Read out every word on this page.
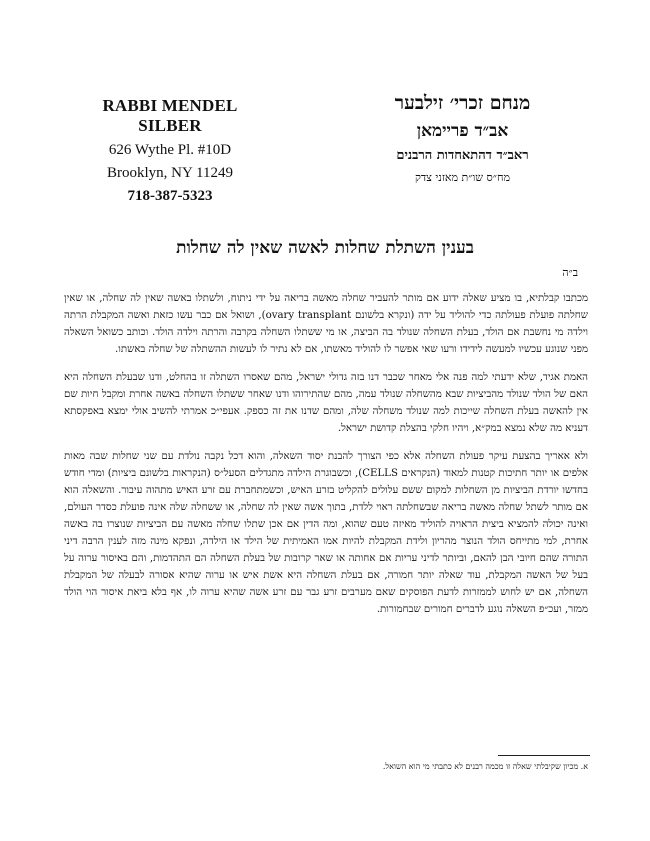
RABBI MENDEL SILBER
626 Wythe Pl. #10D
Brooklyn, NY 11249
718-387-5323
מנחם זכרי׳ זילבער
אב״ד פריימאן
ראב״ד דהתאחדות הרבנים
מח״ס שו״ת מאזני צדק
בענין השתלת שחלות לאשה שאין לה שחלות
ב״ה

מכתבו קבלתיא, בו מציע שאלה ידוע אם מותר להעביר שחלה מאשה בריאה על ידי ניתוח, ולשתלו באשה שאין לה שחלה, או שאין שחלתה פועלת פעולתה כדי להוליד על ידה (ונקרא בלשונם ovary transplant), ושואל אם כבר עשו כזאת ואשה המקבלת הרתה וילדה מי נחשבת אם הולד, בעלת השחלה שנולד בה הביצה, או מי ששתלו השחלה בקרבה והרתה וילדה הולד. וכותב כשואל השאלה מפני שנוגע עכשיו למעשה לידידו ורעו שאי אפשר לו להוליד מאשתו, אם לא נתיר לו לעשות ההשתלה של שחלה באשתו.

האמת אגיד, שלא ידעתי למה פנה אלי מאחר שכבר דנו בזה גדולי ישראל, מהם שאסרו השתלה זו בהחלט, ודנו שבעלת השחלה היא האם של הולד שנולד מהביציות שבא מהשחלה שנולד עמה, מהם שהתירוהו ודנו שאחר ששתלו השחלה באשה אחרת ומקבל חיות שם אין להאשה בעלת השחלה שייכות למה שנולד משחלה שלה, ומהם שדנו את זה כספק. אעפי״כ אמרתי להשיב אולי ימצא באפקסתא דעניא מה שלא נמצא במק״א, ויהיו חלקי בהצלת קדושת ישראל.

ולא אאריך בהצעת עיקר פעולת השחלה אלא כפי הצורך להבנת יסוד השאלה, והוא דכל נקבה נולדת עם שני שחלות שבה מאות אלפים או יותר חתיכות קטנות למאוד (הנקראים CELLS), וכשבוגרת הילדה מתגדלים הסעל״ס (הנקראות בלשונם ביציות) ומדי חודש בחדשו יורדת הביציות מן השחלות למקום ששם עלולים להקליט בזרע האיש, וכשמתחברת עם זרע האיש מתהוה עיבור. והשאלה הוא אם מותר לשתל שחלה מאשה בריאה שבשחלתה ראוי ללדת, בתוך אשה שאין לה שחלה, או ששחלה שלה אינה פועלת כסדר העולם, ואינה יכולה להמציא ביצית הראויה להוליד מאיזה טעם שהוא, ומה הדין אם אכן שתלו שחלה מאשה עם הביציות שנוצרו בה באשה אחרת, למי מתייחס הולד הנוצר מהריון ולידת המקבלת להיות אמו האמיתית של הילד או הילדה, ונפקא מינה מזה לענין הרבה דיני התורה שהם חיובי הבן להאם, וביותר לדיני עריות אם אחותה או שאר קרובות של בעלת השחלה הם התהדמות, והם באיסור ערוה על בעל של האשה המקבלת, עוד שאלה יותר חמורה, אם בעלת השחלה היא אשת איש או ערוה שהיא אסורה לבעלה של המקבלת השחלה, אם יש לחוש לממזרות לדעת הפוסקים שאם מערבים זרע גבר עם זרע אשה שהיא ערוה לו, אף בלא ביאת איסור הוי הולד ממזר, ועכ״פ השאלה נוגע לדברים חמורים שבחמורות.

א. מכיון שקיבלתי שאלה זו מכמה רבנים לא כתבתי מי הוא השואל.
